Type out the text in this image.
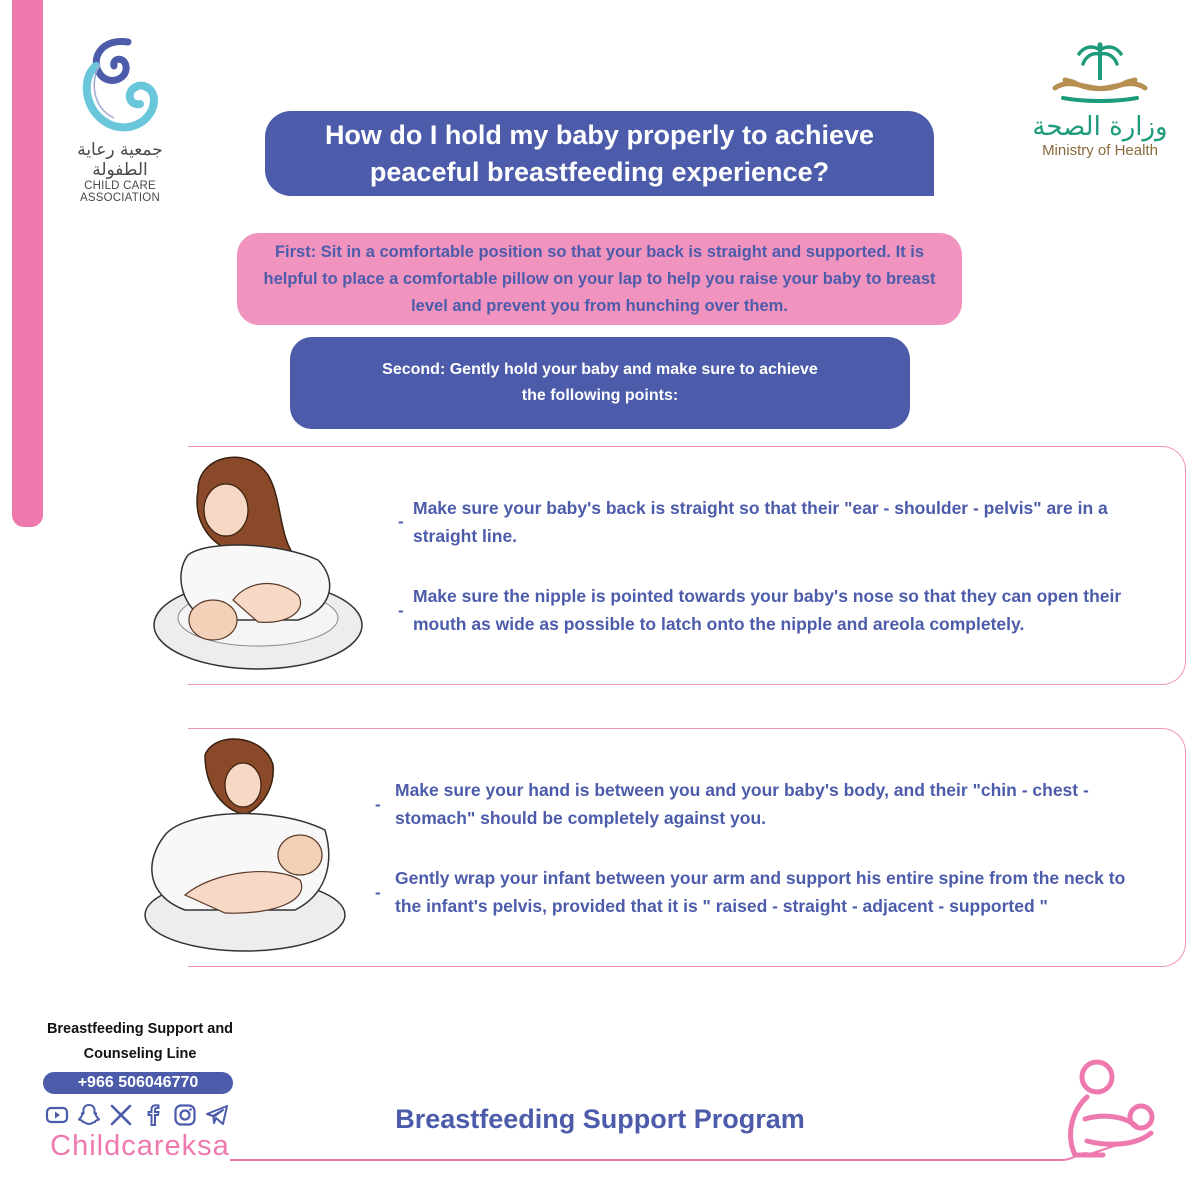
جمعية رعاية الطفولة
CHILD CARE ASSOCIATION
وزارة الصحة
Ministry of Health
How do I hold my baby properly to achieve peaceful breastfeeding experience?
First: Sit in a comfortable position so that your back is straight and supported. It is helpful to place a comfortable pillow on your lap to help you raise your baby to breast level and prevent you from hunching over them.
Second: Gently hold your baby and make sure to achieve the following points:
-
Make sure your baby's back is straight so that their "ear - shoulder - pelvis" are in a straight line.
-
Make sure the nipple is pointed towards your baby's nose so that they can open their mouth as wide as possible to latch onto the nipple and areola completely.
-
Make sure your hand is between you and your baby's body, and their "chin - chest - stomach" should be completely against you.
-
Gently wrap your infant between your arm and support his entire spine from the neck to the infant's pelvis, provided that it is " raised - straight - adjacent - supported "
Breastfeeding Support and Counseling Line
+966 506046770
Childcareksa
Breastfeeding Support Program
